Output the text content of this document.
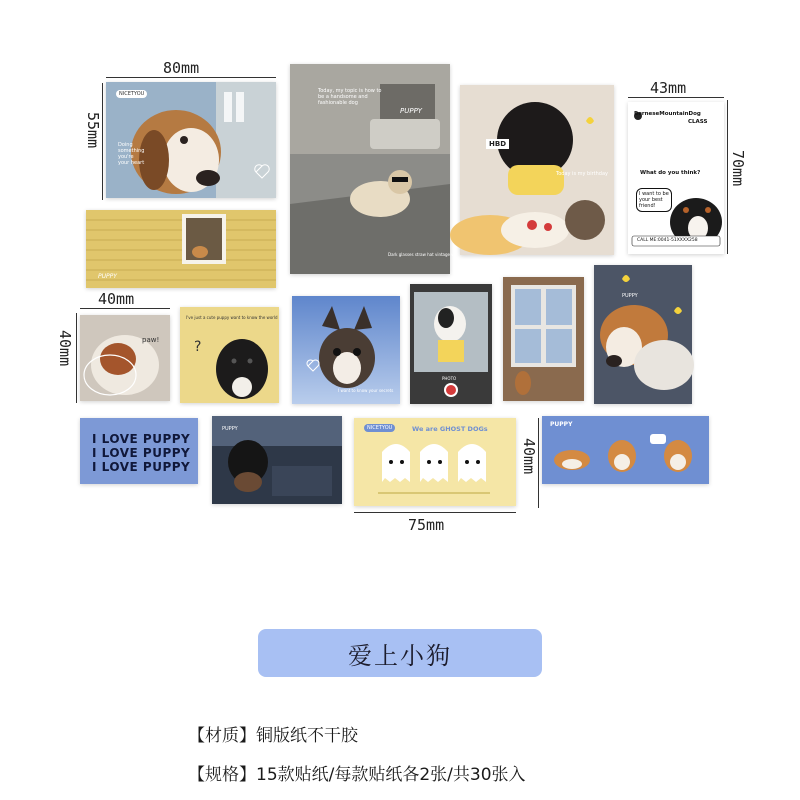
80mm
55mm
43mm
70mm
40mm
40mm
75mm
40mm
NICETYOU
Doing
something
you're
your heart
Today, my topic is how to
be a handsome and
fashionable dog
PUPPY
Dark glasses straw hat vintage vest
HBD
Today is my birthday
BerneseMountainDog
CLASS
What do you think?
I want to be your best friend!
CALL ME:0041-51XXXX258
PUPPY
paw! ?
I've just a cute puppy want to know the world
I want to know your secrets
PHOTO
PUPPY
I LOVE PUPPY
I LOVE PUPPY
I LOVE PUPPY
PUPPY	NICETYOU	We are GHOST DOGs
PUPPY
爱上小狗
【材质】铜版纸不干胶
【规格】15款贴纸/每款贴纸各2张/共30张入
